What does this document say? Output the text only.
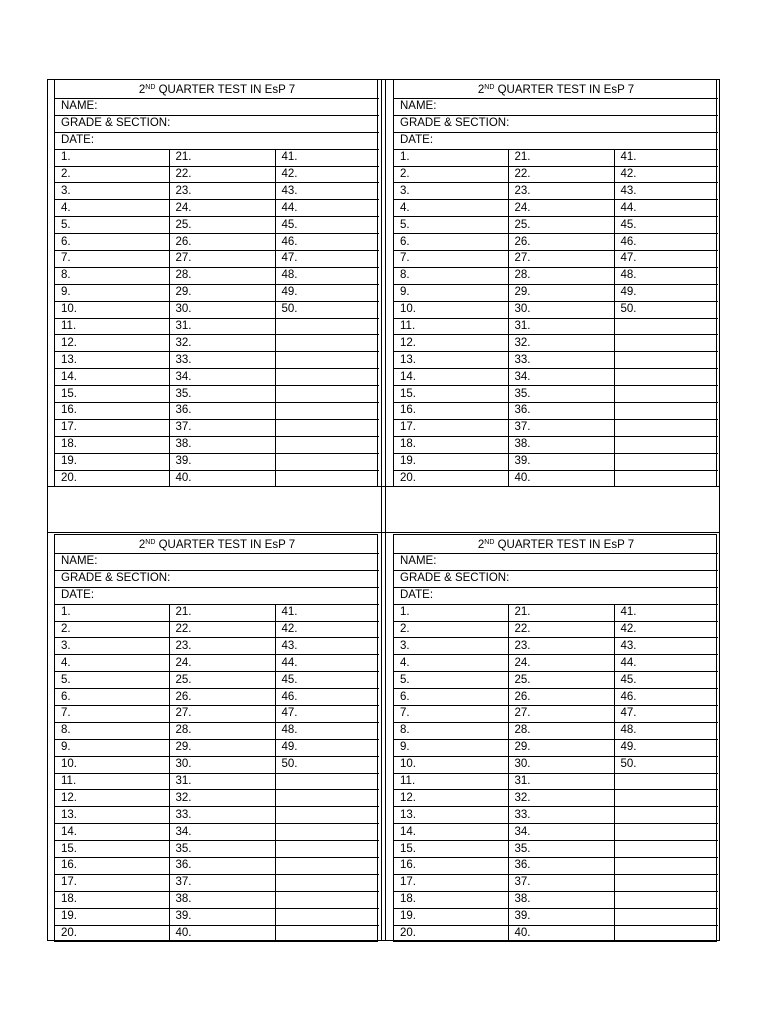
2ND QUARTER TEST IN EsP 7		
NAME:		
GRADE & SECTION:		
DATE:		
1.	21.	41.
2.	22.	42.
3.	23.	43.
4.	24.	44.
5.	25.	45.
6.	26.	46.
7.	27.	47.
8.	28.	48.
9.	29.	49.
10.	30.	50.
11.	31.	
12.	32.	
13.	33.	
14.	34.	
15.	35.	
16.	36.	
17.	37.	
18.	38.	
19.	39.	
20.	40.	
2ND QUARTER TEST IN EsP 7		
NAME:		
GRADE & SECTION:		
DATE:		
1.	21.	41.
2.	22.	42.
3.	23.	43.
4.	24.	44.
5.	25.	45.
6.	26.	46.
7.	27.	47.
8.	28.	48.
9.	29.	49.
10.	30.	50.
11.	31.	
12.	32.	
13.	33.	
14.	34.	
15.	35.	
16.	36.	
17.	37.	
18.	38.	
19.	39.	
20.	40.	
2ND QUARTER TEST IN EsP 7		
NAME:		
GRADE & SECTION:		
DATE:		
1.	21.	41.
2.	22.	42.
3.	23.	43.
4.	24.	44.
5.	25.	45.
6.	26.	46.
7.	27.	47.
8.	28.	48.
9.	29.	49.
10.	30.	50.
11.	31.	
12.	32.	
13.	33.	
14.	34.	
15.	35.	
16.	36.	
17.	37.	
18.	38.	
19.	39.	
20.	40.	
2ND QUARTER TEST IN EsP 7		
NAME:		
GRADE & SECTION:		
DATE:		
1.	21.	41.
2.	22.	42.
3.	23.	43.
4.	24.	44.
5.	25.	45.
6.	26.	46.
7.	27.	47.
8.	28.	48.
9.	29.	49.
10.	30.	50.
11.	31.	
12.	32.	
13.	33.	
14.	34.	
15.	35.	
16.	36.	
17.	37.	
18.	38.	
19.	39.	
20.	40.	
